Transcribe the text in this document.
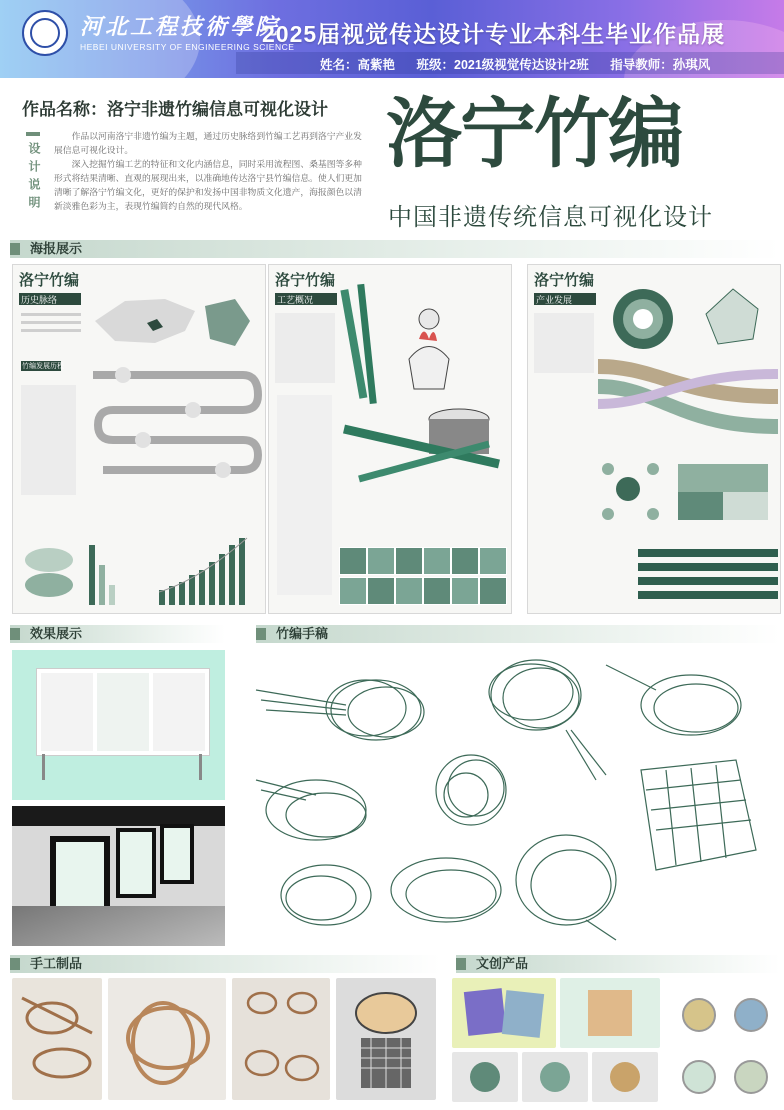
河北工程技術學院
HEBEI UNIVERSITY OF ENGINEERING SCIENCE
2025届视觉传达设计专业本科生毕业作品展
姓名：高紫艳 班级：2021级视觉传达设计2班 指导教师：孙琪风
作品名称：洛宁非遗竹编信息可视化设计
设计说明

作品以河南洛宁非遗竹编为主题，通过历史脉络到竹编工艺再到洛宁产业发展信息可视化设计。

深入挖掘竹编工艺的特征和文化内涵信息，同时采用流程图、桑基图等多种形式将结果清晰、直观的展现出来，以准确地传达洛宁县竹编信息。使人们更加清晰了解洛宁竹编文化，更好的保护和发扬中国非物质文化遗产，海报颜色以清新淡雅色彩为主，表现竹编简约自然的现代风格。

洛宁竹编
中国非遗传统信息可视化设计
海报展示
洛宁竹编
历史脉络
竹编发展历程
洛宁竹编
工艺概况
洛宁竹编
产业发展
效果展示	竹编手稿
手工制品	文创产品
